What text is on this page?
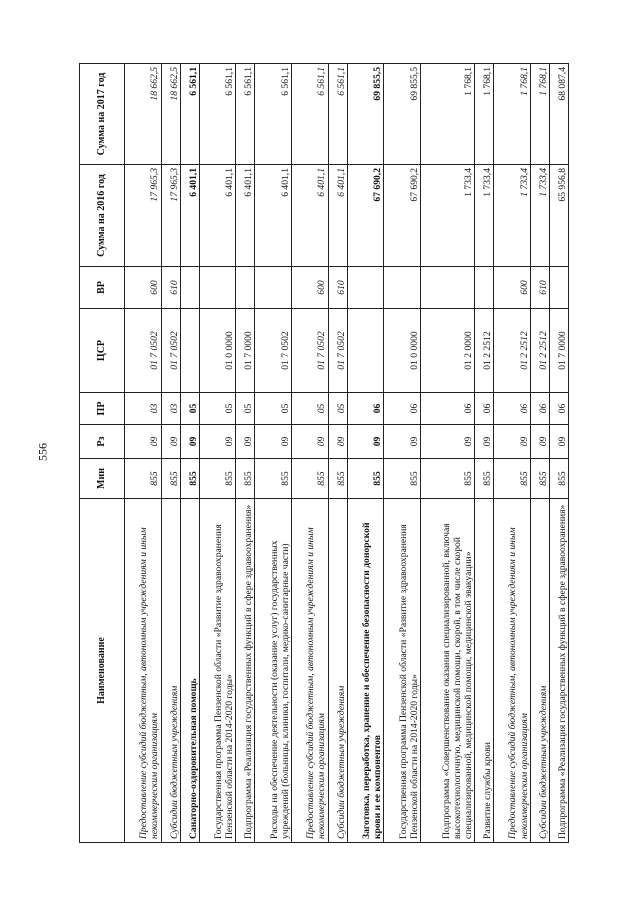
556
Наименование	Мин	Рз	ПР	ЦСР	ВР	Сумма на 2016 год	Сумма на 2017 год
Предоставление субсидий бюджетным, автономным учреждениям и иным некоммерческим организациям	855	09	03	01 7 0502	600	17 965,3	18 662,5
Субсидии бюджетным учреждениям	855	09	03	01 7 0502	610	17 965,3	18 662,5
Санаторно-оздоровительная помощь	855	09	05			6 401,1	6 561,1
Государственная программа Пензенской области «Развитие здравоохранения Пензенской области на 2014-2020 годы»	855	09	05	01 0 0000		6 401,1	6 561,1
Подпрограмма «Реализация государственных функций в сфере здравоохранения»	855	09	05	01 7 0000		6 401,1	6 561,1
Расходы на обеспечение деятельности (оказание услуг) государственных учреждений (больницы, клиники, госпитали, медико-санитарные части)	855	09	05	01 7 0502		6 401,1	6 561,1
Предоставление субсидий бюджетным, автономным учреждениям и иным некоммерческим организациям	855	09	05	01 7 0502	600	6 401,1	6 561,1
Субсидии бюджетным учреждениям	855	09	05	01 7 0502	610	6 401,1	6 561,1
Заготовка, переработка, хранение и обеспечение безопасности донорской крови и ее компонентов	855	09	06			67 690,2	69 855,5
Государственная программа Пензенской области «Развитие здравоохранения Пензенской области на 2014-2020 годы»	855	09	06	01 0 0000		67 690,2	69 855,5
Подпрограмма «Совершенствование оказания специализированной, включая высокотехнологичную, медицинской помощи, скорой, в том числе скорой специализированной, медицинской помощи, медицинской эвакуации»	855	09	06	01 2 0000		1 733,4	1 768,1
Развитие службы крови	855	09	06	01 2 2512		1 733,4	1 768,1
Предоставление субсидий бюджетным, автономным учреждениям и иным некоммерческим организациям	855	09	06	01 2 2512	600	1 733,4	1 768,1
Субсидии бюджетным учреждениям	855	09	06	01 2 2512	610	1 733,4	1 768,1
Подпрограмма «Реализация государственных функций в сфере здравоохранения»	855	09	06	01 7 0000		65 956,8	68 087,4
